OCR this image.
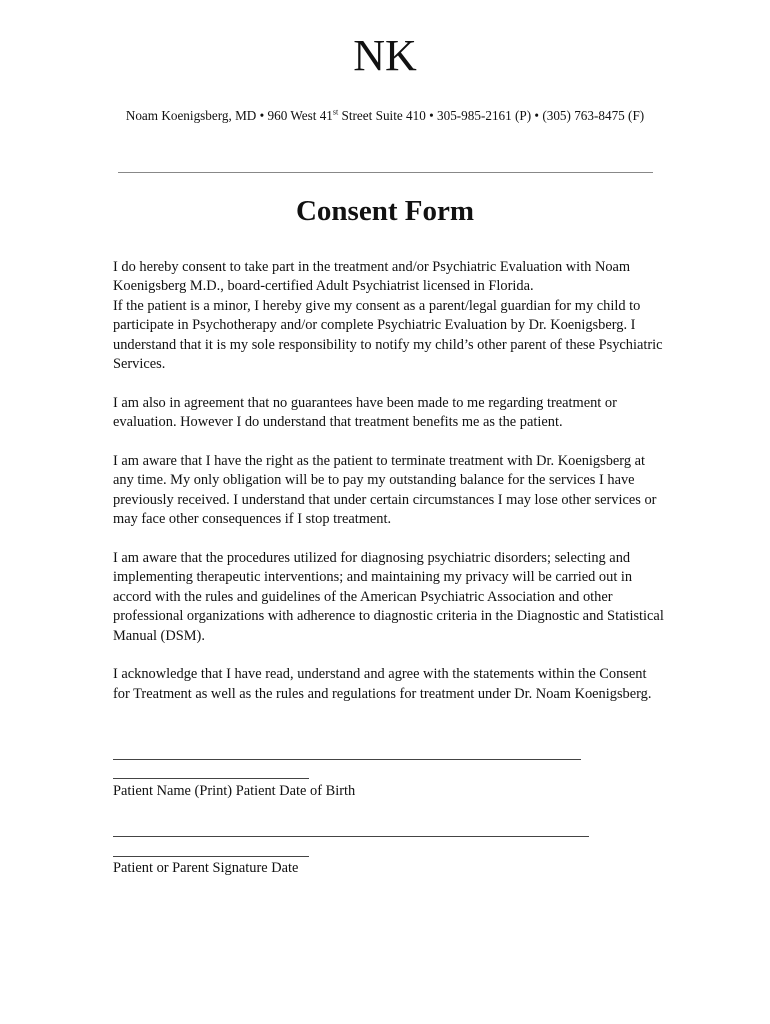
NK
Noam Koenigsberg, MD • 960 West 41st Street Suite 410 • 305-985-2161 (P) • (305) 763-8475 (F)
Consent Form

I do hereby consent to take part in the treatment and/or Psychiatric Evaluation with Noam Koenigsberg M.D., board-certified Adult Psychiatrist licensed in Florida.
If the patient is a minor, I hereby give my consent as a parent/legal guardian for my child to participate in Psychotherapy and/or complete Psychiatric Evaluation by Dr. Koenigsberg. I understand that it is my sole responsibility to notify my child’s other parent of these Psychiatric Services.

I am also in agreement that no guarantees have been made to me regarding treatment or evaluation. However I do understand that treatment benefits me as the patient.

I am aware that I have the right as the patient to terminate treatment with Dr. Koenigsberg at any time. My only obligation will be to pay my outstanding balance for the services I have previously received. I understand that under certain circumstances I may lose other services or may face other consequences if I stop treatment.

I am aware that the procedures utilized for diagnosing psychiatric disorders; selecting and implementing therapeutic interventions; and maintaining my privacy will be carried out in accord with the rules and guidelines of the American Psychiatric Association and other professional organizations with adherence to diagnostic criteria in the Diagnostic and Statistical Manual (DSM).

I acknowledge that I have read, understand and agree with the statements within the Consent for Treatment as well as the rules and regulations for treatment under Dr. Noam Koenigsberg.

Patient Name (Print) Patient Date of Birth
Patient or Parent Signature Date
